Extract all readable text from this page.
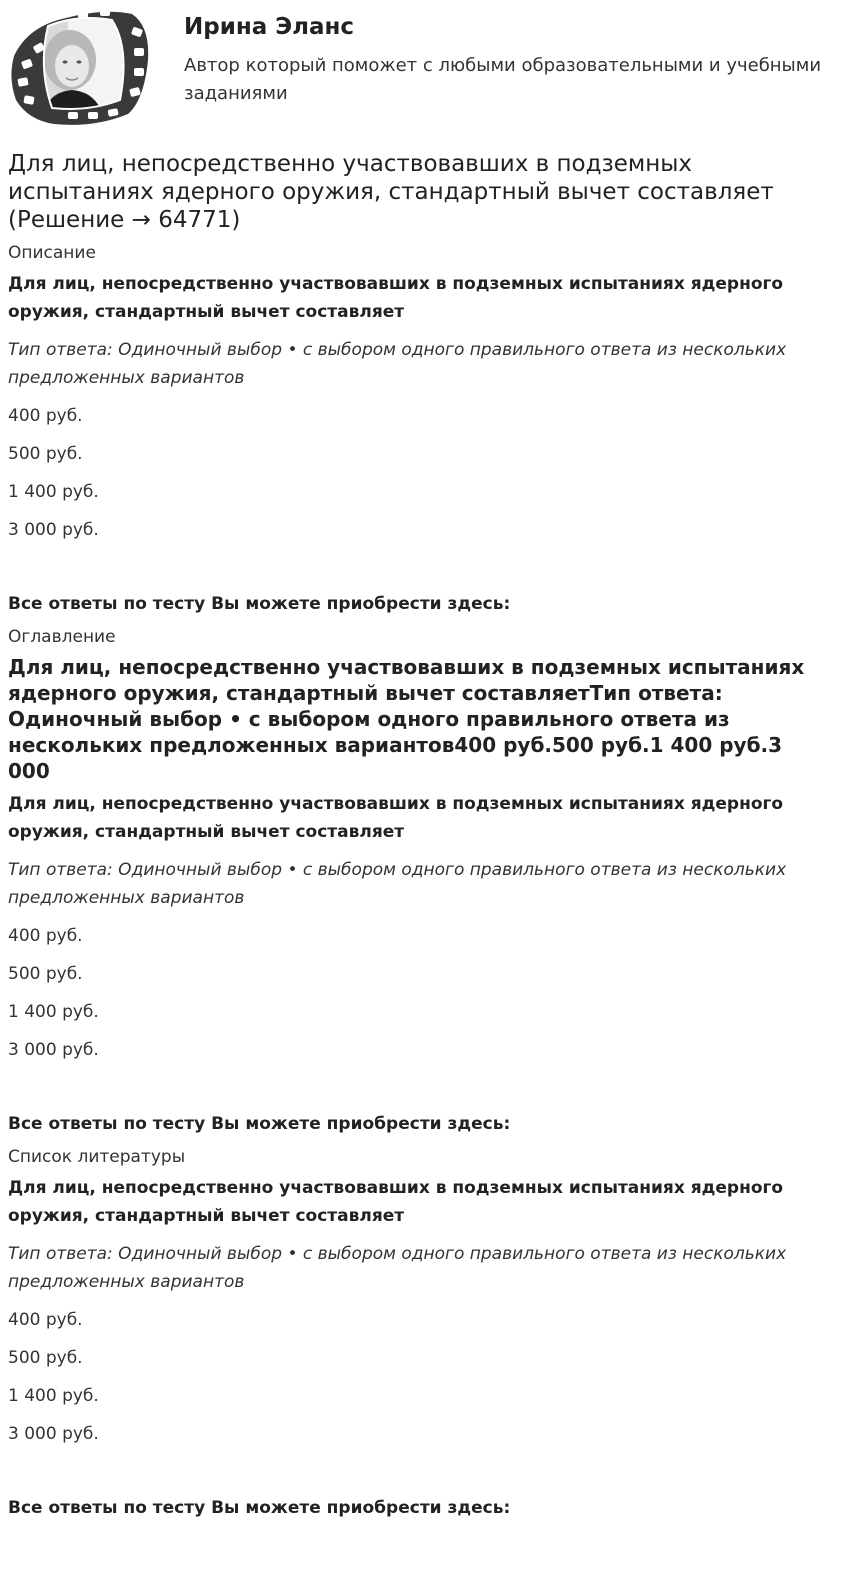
Ирина Эланс

Автор который поможет с любыми образовательными и учебными заданиями

Для лиц, непосредственно участвовавших в подземных испытаниях ядерного оружия, стандартный вычет составляет (Решение → 64771)

Описание

Для лиц, непосредственно участвовавших в подземных испытаниях ядерного оружия, стандартный вычет составляет

Тип ответа: Одиночный выбор • с выбором одного правильного ответа из нескольких предложенных вариантов

400 руб.
500 руб.
1 400 руб.
3 000 руб.

Все ответы по тесту Вы можете приобрести здесь:

Оглавление

Для лиц, непосредственно участвовавших в подземных испытаниях ядерного оружия, стандартный вычет составляетТип ответа: Одиночный выбор • с выбором одного правильного ответа из нескольких предложенных вариантов400 руб.500 руб.1 400 руб.3 000

Для лиц, непосредственно участвовавших в подземных испытаниях ядерного оружия, стандартный вычет составляет

Тип ответа: Одиночный выбор • с выбором одного правильного ответа из нескольких предложенных вариантов

400 руб.
500 руб.
1 400 руб.
3 000 руб.

Все ответы по тесту Вы можете приобрести здесь:

Список литературы

Для лиц, непосредственно участвовавших в подземных испытаниях ядерного оружия, стандартный вычет составляет

Тип ответа: Одиночный выбор • с выбором одного правильного ответа из нескольких предложенных вариантов

400 руб.
500 руб.
1 400 руб.
3 000 руб.

Все ответы по тесту Вы можете приобрести здесь:
